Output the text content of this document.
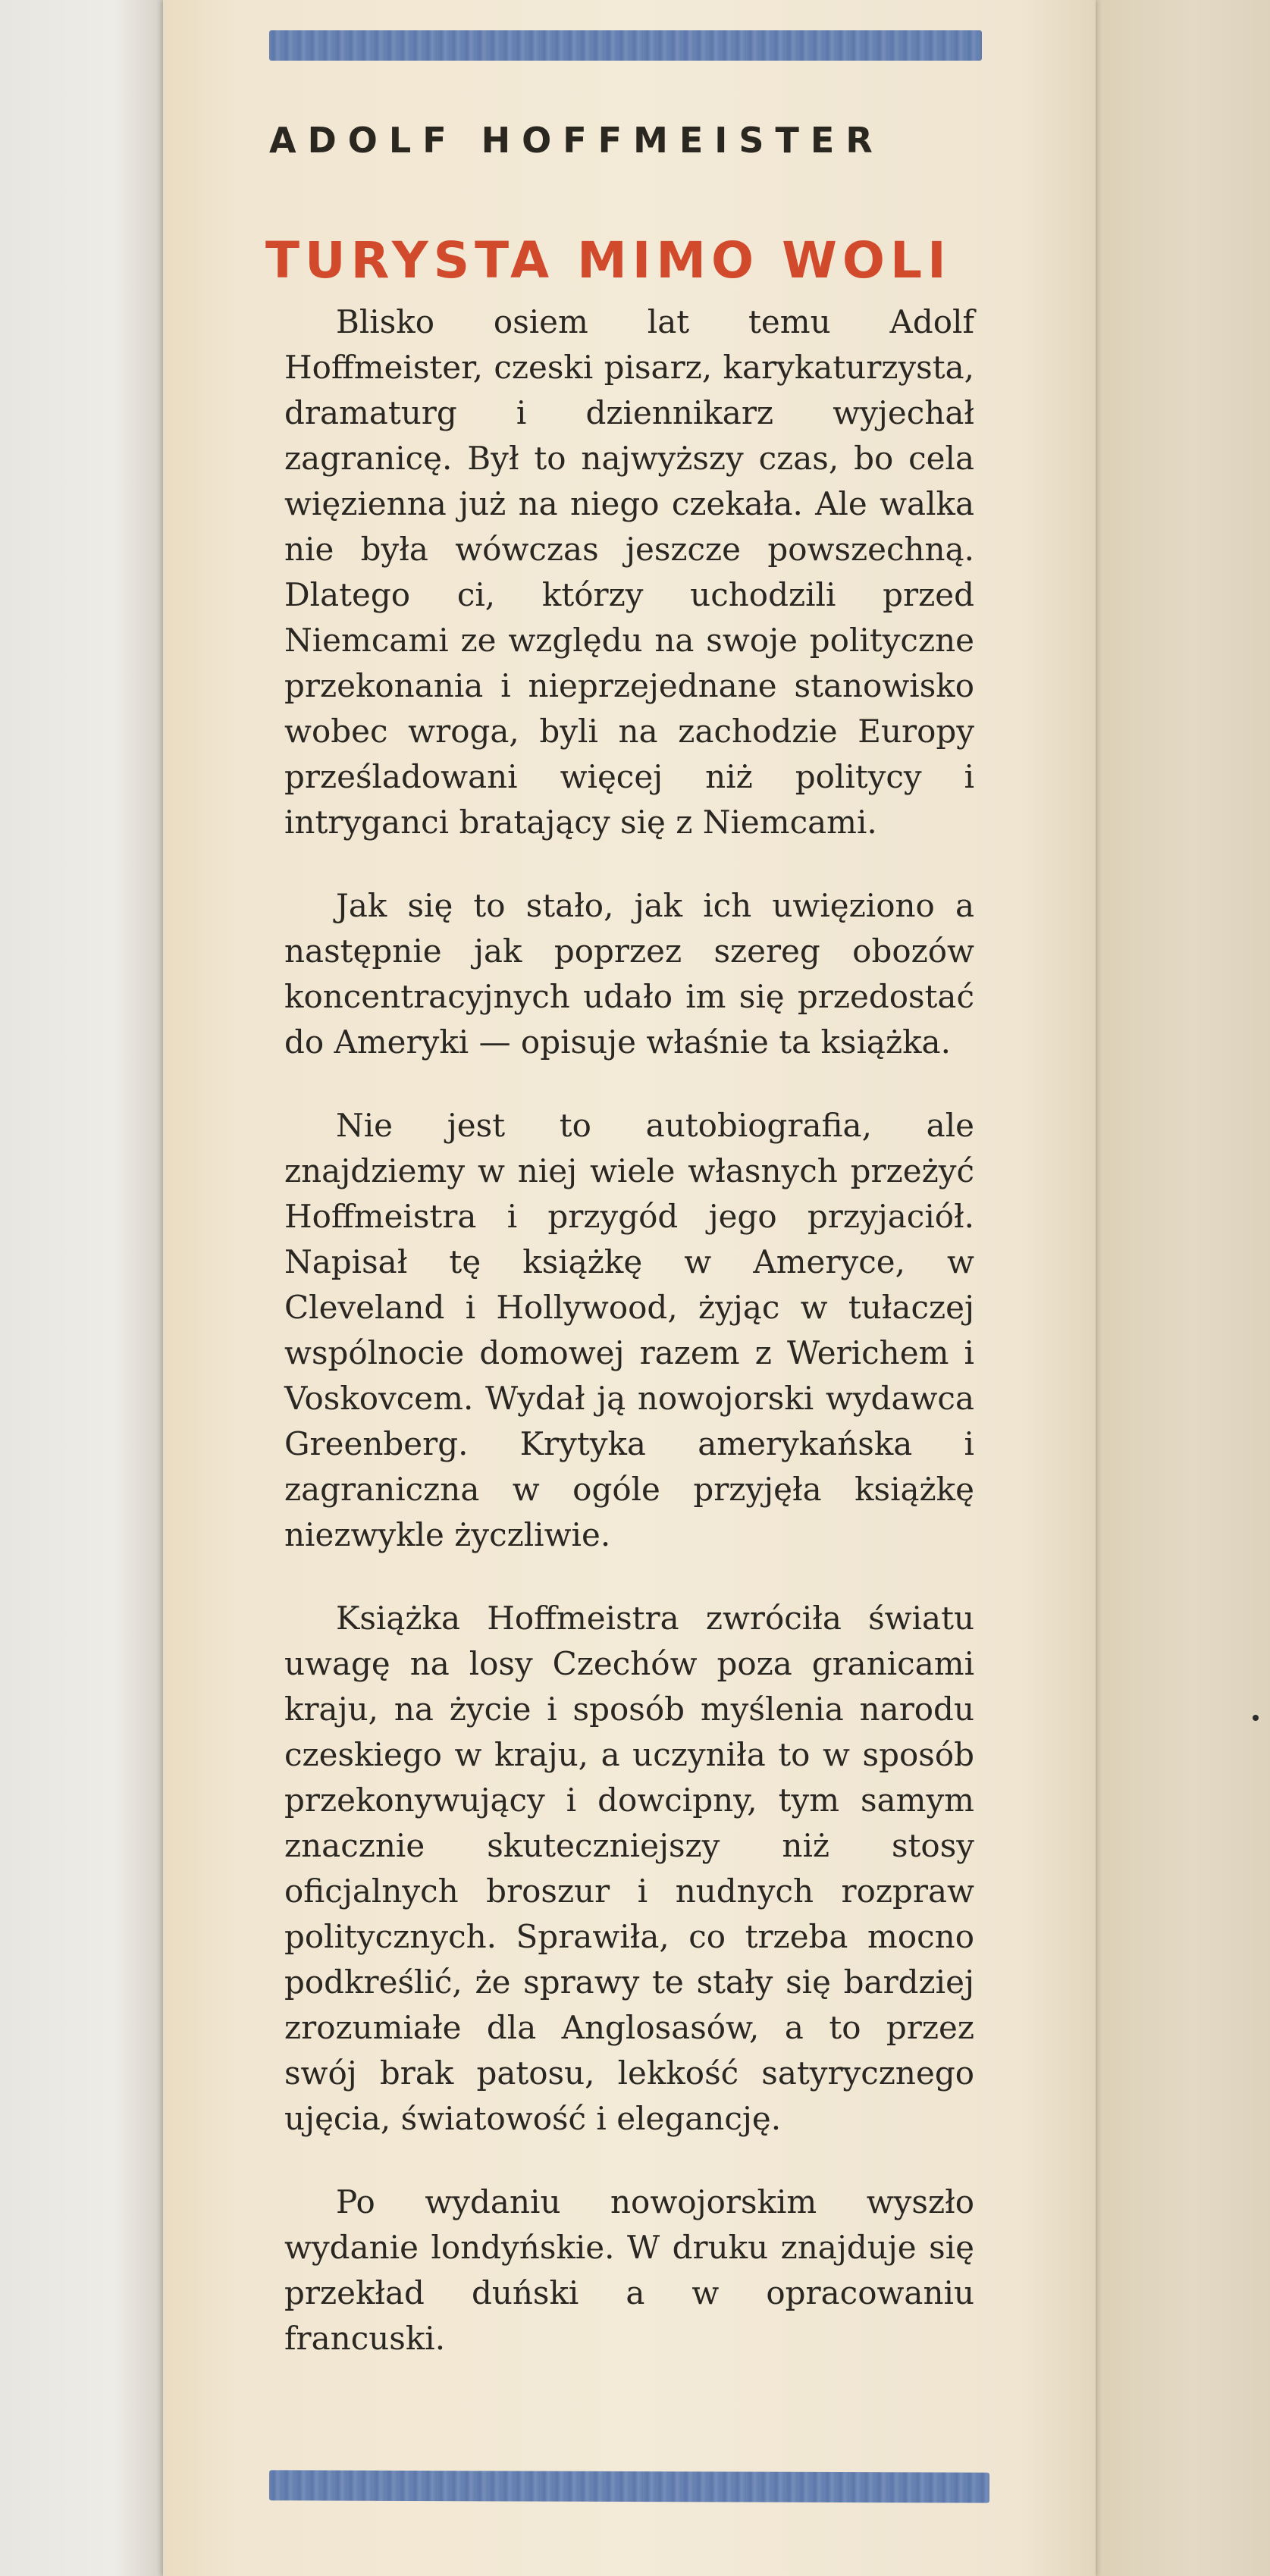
ADOLF HOFFMEISTER
TURYSTA MIMO WOLI

Blisko osiem lat temu Adolf Hoffmeister, czeski pisarz, karykaturzysta, dramaturg i dziennikarz wyjechał zagranicę. Był to najwyższy czas, bo cela więzienna już na niego czekała. Ale walka nie była wówczas jeszcze powszechną. Dlatego ci, którzy uchodzili przed Niemcami ze względu na swoje polityczne przekonania i nieprzejednane stanowisko wobec wroga, byli na zachodzie Europy prześladowani więcej niż politycy i intryganci bratający się z Niemcami.

Jak się to stało, jak ich uwięziono a następnie jak poprzez szereg obozów koncentracyjnych udało im się przedostać do Ameryki — opisuje właśnie ta książka.

Nie jest to autobiografia, ale znajdziemy w niej wiele własnych przeżyć Hoffmeistra i przygód jego przyjaciół. Napisał tę książkę w Ameryce, w Cleveland i Hollywood, żyjąc w tułaczej wspólnocie domowej razem z Werichem i Voskovcem. Wydał ją nowojorski wydawca Greenberg. Krytyka amerykańska i zagraniczna w ogóle przyjęła książkę niezwykle życzliwie.

Książka Hoffmeistra zwróciła światu uwagę na losy Czechów poza granicami kraju, na życie i sposób myślenia narodu czeskiego w kraju, a uczyniła to w sposób przekonywujący i dowcipny, tym samym znacznie skuteczniejszy niż stosy oficjalnych broszur i nudnych rozpraw politycznych. Sprawiła, co trzeba mocno podkreślić, że sprawy te stały się bardziej zrozumiałe dla Anglosasów, a to przez swój brak patosu, lekkość satyrycznego ujęcia, światowość i elegancję.

Po wydaniu nowojorskim wyszło wydanie londyńskie. W druku znajduje się przekład duński a w opracowaniu francuski.
